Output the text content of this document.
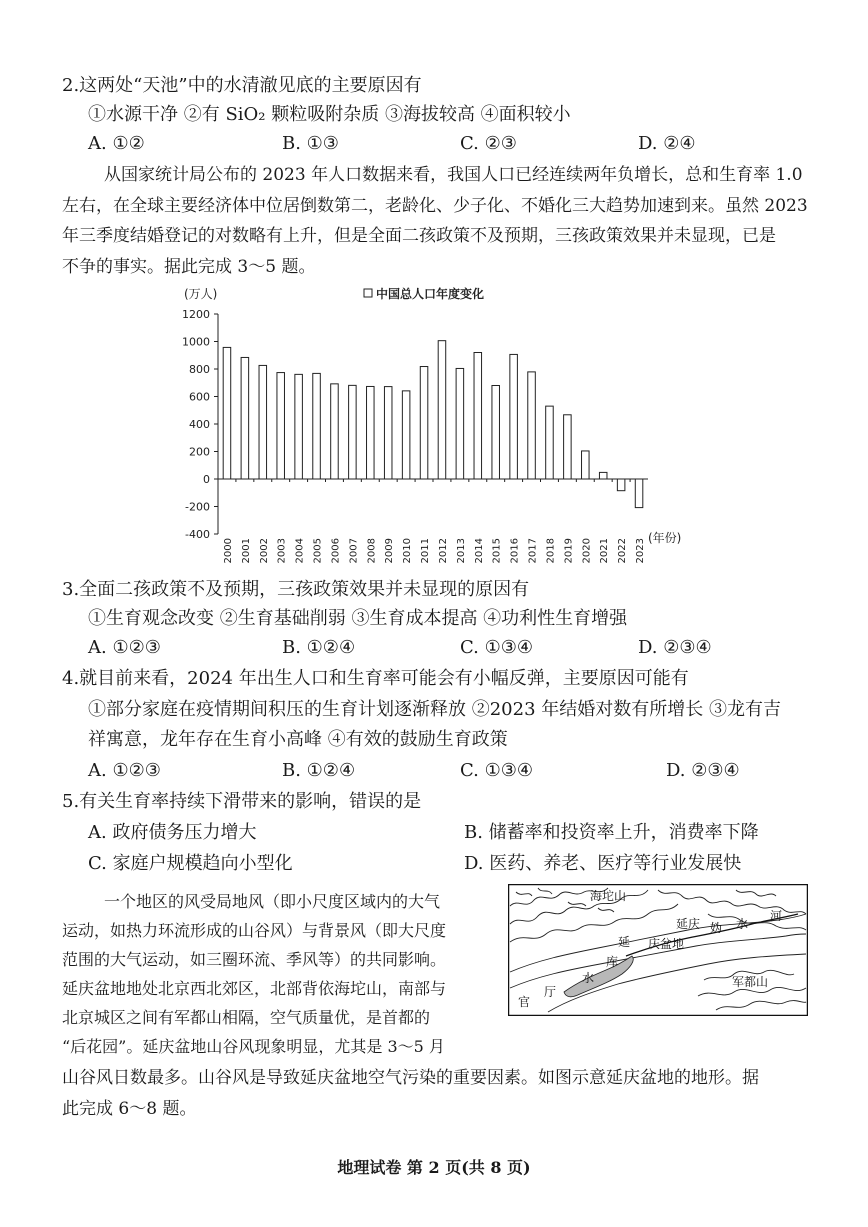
2.这两处“天池”中的水清澈见底的主要原因有
①水源干净 ②有 SiO₂ 颗粒吸附杂质 ③海拔较高 ④面积较小
A. ①②	B. ①③	C. ②③	D. ②④
从国家统计局公布的 2023 年人口数据来看，我国人口已经连续两年负增长，总和生育率 1.0
左右，在全球主要经济体中位居倒数第二，老龄化、少子化、不婚化三大趋势加速到来。虽然 2023
年三季度结婚登记的对数略有上升，但是全面二孩政策不及预期，三孩政策效果并未显现，已是
不争的事实。据此完成 3～5 题。
(万人)	中国总人口年度变化
-400
-200
0
200
400
600
800
1000
1200
2000 2001 2002 2003 2004 2005 2006 2007 2008 2009 2010 2011 2012 2013 2014 2015 2016 2017 2018 2019 2020 2021 2022 2023 (年份)
3.全面二孩政策不及预期，三孩政策效果并未显现的原因有
①生育观念改变 ②生育基础削弱 ③生育成本提高 ④功利性生育增强
A. ①②③	B. ①②④	C. ①③④	D. ②③④
4.就目前来看，2024 年出生人口和生育率可能会有小幅反弹，主要原因可能有
①部分家庭在疫情期间积压的生育计划逐渐释放 ②2023 年结婚对数有所增长 ③龙有吉
祥寓意，龙年存在生育小高峰 ④有效的鼓励生育政策
A. ①②③	B. ①②④	C. ①③④	D. ②③④
5.有关生育率持续下滑带来的影响，错误的是
A. 政府债务压力增大	B. 储蓄率和投资率上升，消费率下降
C. 家庭户规模趋向小型化	D. 医药、养老、医疗等行业发展快
一个地区的风受局地风（即小尺度区域内的大气
运动，如热力环流形成的山谷风）与背景风（即大尺度
范围的大气运动，如三圈环流、季风等）的共同影响。
延庆盆地地处北京西北郊区，北部背依海坨山，南部与
北京城区之间有军都山相隔，空气质量优，是首都的
“后花园”。延庆盆地山谷风现象明显，尤其是 3～5 月
山谷风日数最多。山谷风是导致延庆盆地空气污染的重要因素。如图示意延庆盆地的地形。据
此完成 6～8 题。
海坨山
延庆 妫 水
河
延 庆盆地
库
水
官
厅
军都山
地理试卷 第 2 页(共 8 页)
